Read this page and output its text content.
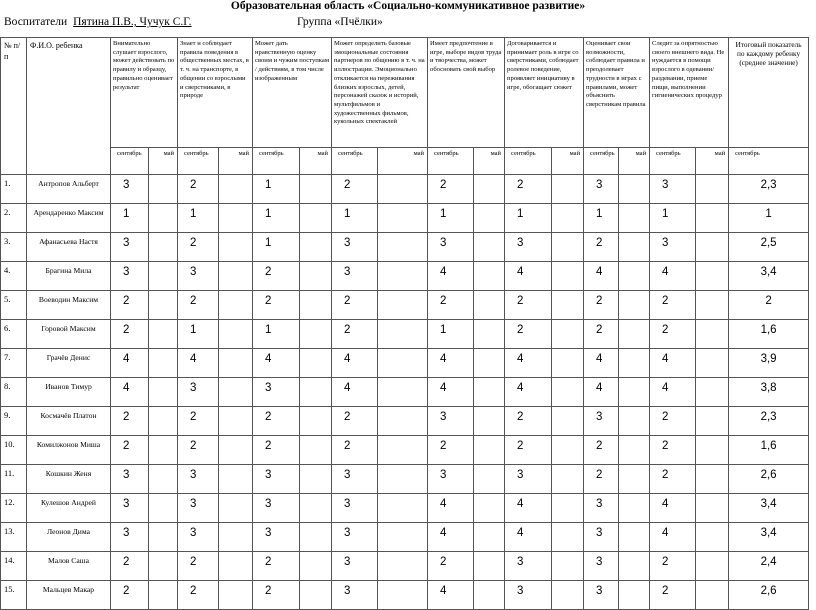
Образовательная область «Социально-коммуникативное развитие»
Воспитатели Пятина П.В., Чучук С.Г.	Группа «Пчёлки»
№ п/п	Ф.И.О. ребенка	Внимательно слушает взрослого, может действовать по правилу и образцу, правильно оценивает результат		Знает и соблюдает правила поведения в общественных местах, в т. ч. на транспорте, в общении со взрослыми и сверстниками, в природе		Может дать нравственную оценку своим и чужим поступкам / действиям, в том числе изображенным		Может определить базовые эмоциональные состояния партнеров по общению в т. ч. на иллюстрации. Эмоционально откликается на переживания близких взрослых, детей, персонажей сказок и историй, мультфильмов и художественных фильмов, кукольных спектаклей		Имеет предпочтение в игре, выборе видов труда и творчества, может обосновать свой выбор		Договаривается и принимает роль в игре со сверстниками, соблюдает ролевое поведение, проявляет инициативу в игре, обогащает сюжет		Оценивает свои возможности, соблюдает правила и преодолевает трудности в играх с правилами, может объяснить сверстникам правила		Следит за опрятностью своего внешнего вида. Не нуждается в помощи взрослого в одевании/ раздевании, приеме пищи, выполнении гигиенических процедур		Итоговый показатель по каждому ребенку (среднее значение)	
		сентябрь	май	сентябрь	май	сентябрь	май	сентябрь	май	сентябрь	май	сентябрь	май	сентябрь	май	сентябрь	май	сентябрь	
1.	Антропов Альберт	3		2		1		2		2		2		3		3		2,3	
2.	Арендаренко Максим	1		1		1		1		1		1		1		1		1	
3.	Афанасьева Настя	3		2		1		3		3		3		2		3		2,5	
4.	Брагина Мила	3		3		2		3		4		4		4		4		3,4	
5.	Воеводин Максим	2		2		2		2		2		2		2		2		2	
6.	Горовой Максим	2		1		1		2		1		2		2		2		1,6	
7.	Грачёв Денис	4		4		4		4		4		4		4		4		3,9	
8.	Иванов Тимур	4		3		3		4		4		4		4		4		3,8	
9.	Космачёв Платон	2		2		2		2		3		2		3		2		2,3	
10.	Комилжонов Миша	2		2		2		2		2		2		2		2		1,6	
11.	Кошкин Женя	3		3		3		3		3		3		2		2		2,6	
12.	Кулешов Андрей	3		3		3		3		4		4		3		4		3,4	
13.	Леонов Дима	3		3		3		3		4		4		3		4		3,4	
14.	Малов Саша	2		2		2		3		2		3		3		2		2,4	
15.	Мальцев Макар	2		2		2		3		4		3		3		2		2,6	
